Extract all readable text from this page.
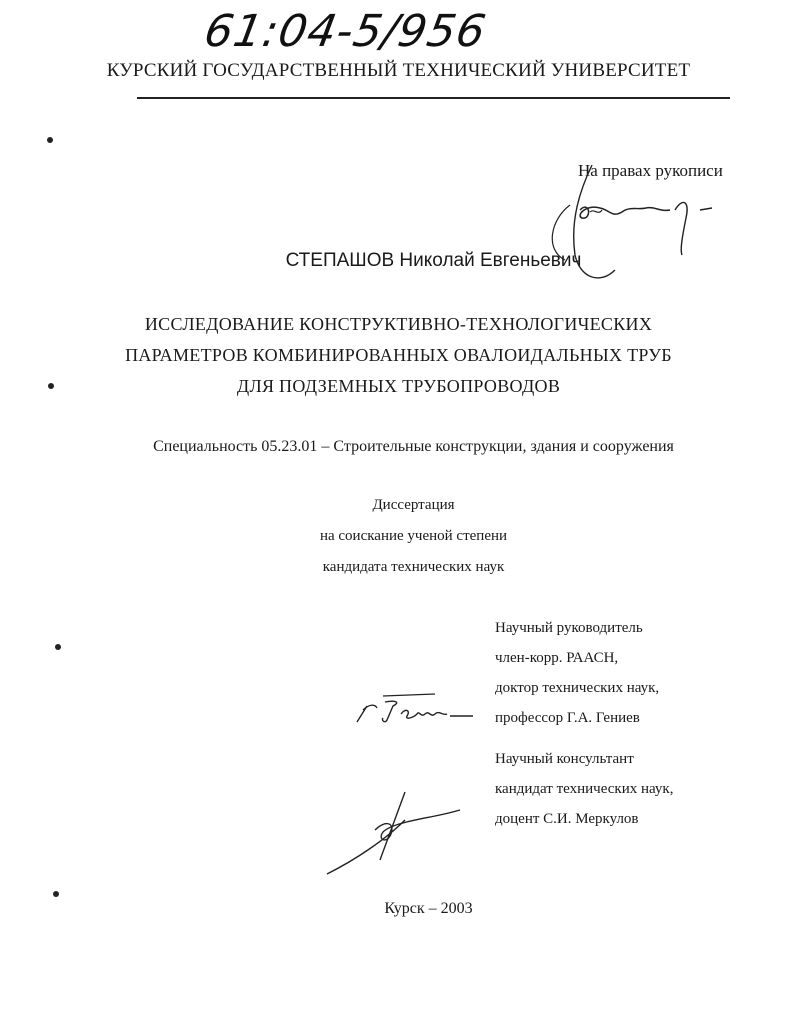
61:04-5/956
КУРСКИЙ ГОСУДАРСТВЕННЫЙ ТЕХНИЧЕСКИЙ УНИВЕРСИТЕТ
На правах рукописи
СТЕПАШОВ Николай Евгеньевич
ИССЛЕДОВАНИЕ КОНСТРУКТИВНО-ТЕХНОЛОГИЧЕСКИХ
ПАРАМЕТРОВ КОМБИНИРОВАННЫХ ОВАЛОИДАЛЬНЫХ ТРУБ
ДЛЯ ПОДЗЕМНЫХ ТРУБОПРОВОДОВ
Специальность 05.23.01 – Строительные конструкции, здания и сооружения
Диссертация
на соискание ученой степени
кандидата технических наук
Научный руководитель
член-корр. РААСН,
доктор технических наук,
профессор Г.А. Гениев
Научный консультант
кандидат технических наук,
доцент С.И. Меркулов
Курск – 2003
